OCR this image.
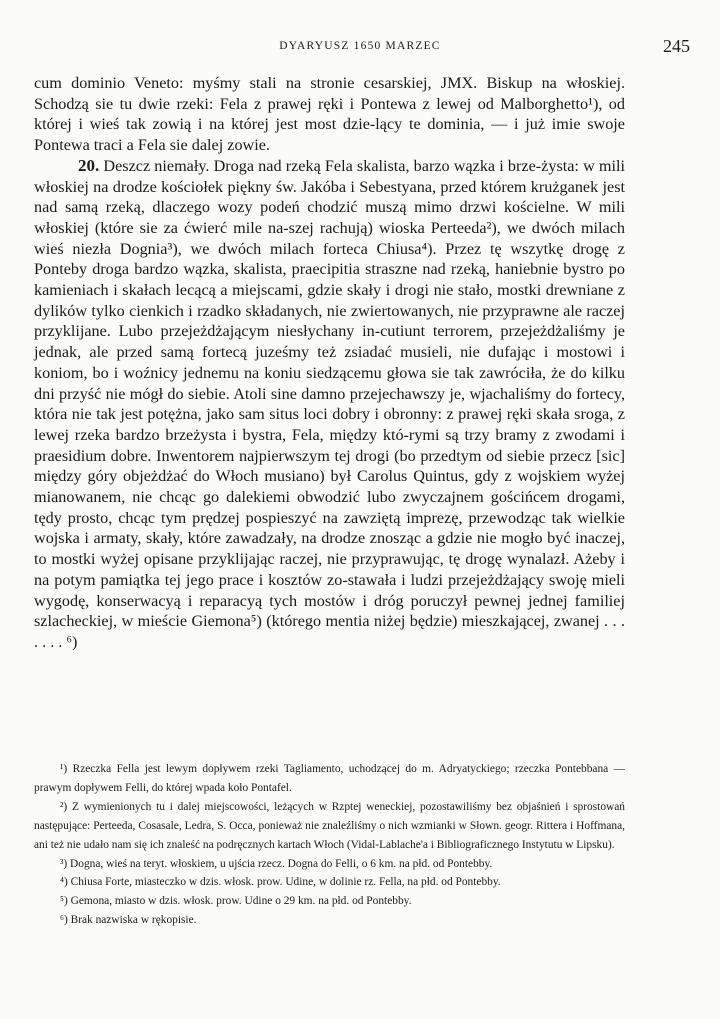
DYARYUSZ 1650 MARZEC	245

cum dominio Veneto: myśmy stali na stronie cesarskiej, JMX. Biskup na włoskiej. Schodzą sie tu dwie rzeki: Fela z prawej ręki i Pontewa z lewej od Malborghetto¹), od której i wieś tak zowią i na której jest most dzie-lący te dominia, — i już imie swoje Pontewa traci a Fela sie dalej zowie.

20. Deszcz niemały. Droga nad rzeką Fela skalista, barzo wązka i brze-żysta: w mili włoskiej na drodze kościołek piękny św. Jakóba i Sebestyana, przed którem krużganek jest nad samą rzeką, dlaczego wozy podeń chodzić muszą mimo drzwi kościelne. W mili włoskiej (które sie za ćwierć mile na-szej rachują) wioska Perteeda²), we dwóch milach wieś niezła Dognia³), we dwóch milach forteca Chiusa⁴). Przez tę wszytkę drogę z Ponteby droga bardzo wązka, skalista, praecipitia straszne nad rzeką, haniebnie bystro po kamieniach i skałach lecącą a miejscami, gdzie skały i drogi nie stało, mostki drewniane z dylików tylko cienkich i rzadko składanych, nie zwiertowanych, nie przyprawne ale raczej przyklijane. Lubo przejeżdżającym niesłychany in-cutiunt terrorem, przejeżdżaliśmy je jednak, ale przed samą fortecą juześmy też zsiadać musieli, nie dufając i mostowi i koniom, bo i woźnicy jednemu na koniu siedzącemu głowa sie tak zawróciła, że do kilku dni przyść nie mógł do siebie. Atoli sine damno przejechawszy je, wjachaliśmy do fortecy, która nie tak jest potężna, jako sam situs loci dobry i obronny: z prawej ręki skała sroga, z lewej rzeka bardzo brzeżysta i bystra, Fela, między któ-rymi są trzy bramy z zwodami i praesidium dobre. Inwentorem najpierwszym tej drogi (bo przedtym od siebie przecz [sic] między góry objeżdżać do Włoch musiano) był Carolus Quintus, gdy z wojskiem wyżej mianowanem, nie chcąc go dalekiemi obwodzić lubo zwyczajnem gościńcem drogami, tędy prosto, chcąc tym prędzej pospieszyć na zawziętą imprezę, przewodząc tak wielkie wojska i armaty, skały, które zawadzały, na drodze znosząc a gdzie nie mogło być inaczej, to mostki wyżej opisane przyklijając raczej, nie przyprawując, tę drogę wynalazł. Ażeby i na potym pamiątka tej jego prace i kosztów zo-stawała i ludzi przejeżdżający swoję mieli wygodę, konserwacyą i reparacyą tych mostów i dróg poruczył pewnej jednej familiej szlacheckiej, w mieście Giemona⁵) (którego mentia niżej będzie) mieszkającej, zwanej . . . . . . . ⁶)

¹) Rzeczka Fella jest lewym dopływem rzeki Tagliamento, uchodzącej do m. Adryatyckiego; rzeczka Pontebbana — prawym dopływem Felli, do której wpada koło Pontafel.

²) Z wymienionych tu i dalej miejscowości, leżących w Rzptej weneckiej, pozostawiliśmy bez objaśnień i sprostowań następujące: Perteeda, Cosasale, Ledra, S. Occa, ponieważ nie znaleźliśmy o nich wzmianki w Słown. geogr. Rittera i Hoffmana, ani też nie udało nam się ich znaleść na podręcznych kartach Włoch (Vidal-Lablache'a i Bibliograficznego Instytutu w Lipsku).

³) Dogna, wieś na teryt. włoskiem, u ujścia rzecz. Dogna do Felli, o 6 km. na płd. od Pontebby.

⁴) Chiusa Forte, miasteczko w dzis. włosk. prow. Udine, w dolinie rz. Fella, na płd. od Pontebby.

⁵) Gemona, miasto w dzis. włosk. prow. Udine o 29 km. na płd. od Pontebby.

⁶) Brak nazwiska w rękopisie.
